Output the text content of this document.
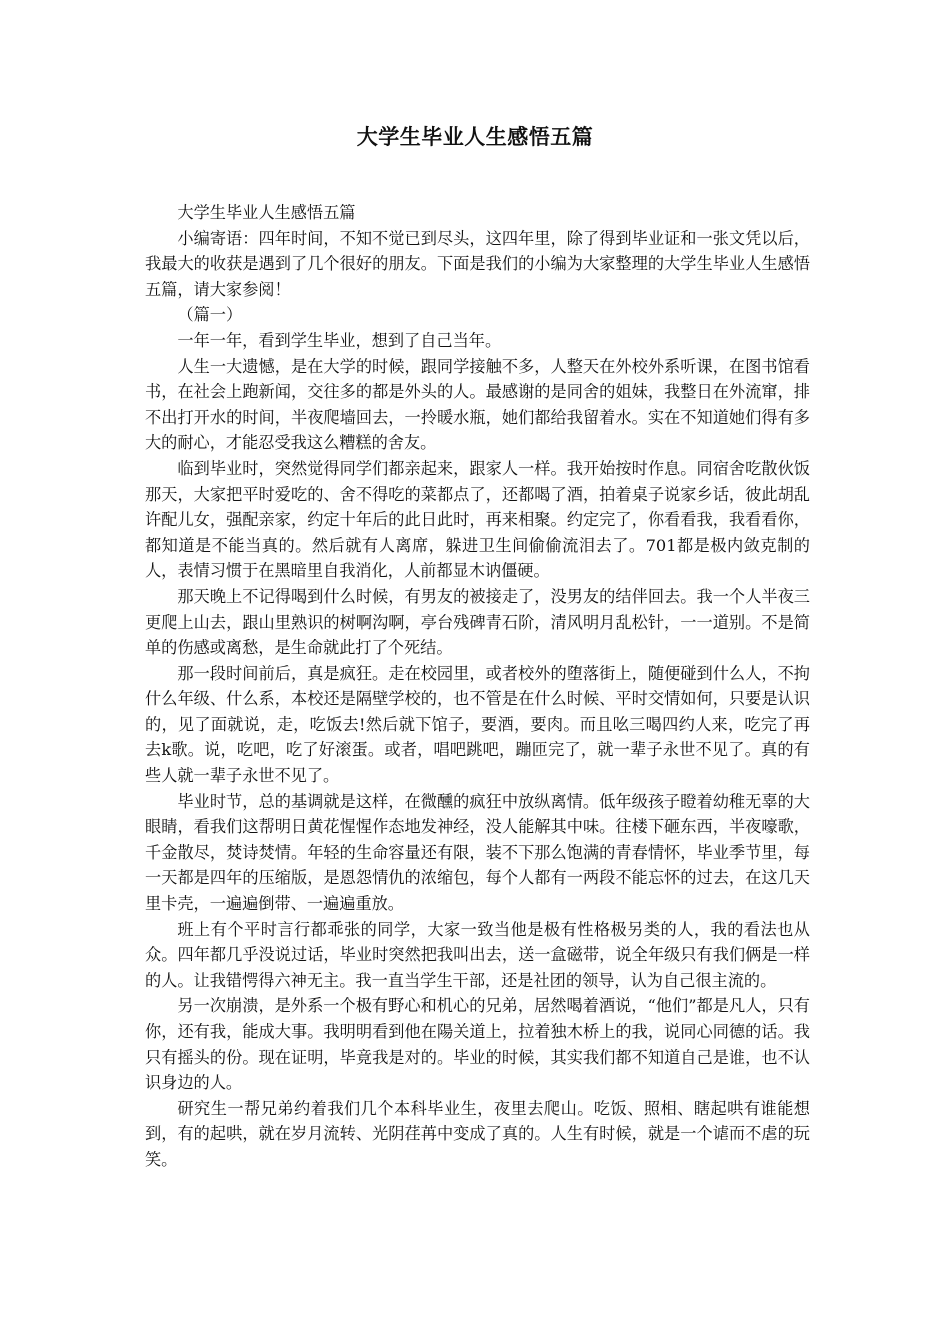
大学生毕业人生感悟五篇

大学生毕业人生感悟五篇

小编寄语：四年时间，不知不觉已到尽头，这四年里，除了得到毕业证和一张文凭以后，我最大的收获是遇到了几个很好的朋友。下面是我们的小编为大家整理的大学生毕业人生感悟五篇，请大家参阅！

（篇一）

一年一年，看到学生毕业，想到了自己当年。

人生一大遗憾，是在大学的时候，跟同学接触不多，人整天在外校外系听课，在图书馆看书，在社会上跑新闻，交往多的都是外头的人。最感谢的是同舍的姐妹，我整日在外流窜，排不出打开水的时间，半夜爬墙回去，一拎暖水瓶，她们都给我留着水。实在不知道她们得有多大的耐心，才能忍受我这么糟糕的舍友。

临到毕业时，突然觉得同学们都亲起来，跟家人一样。我开始按时作息。同宿舍吃散伙饭那天，大家把平时爱吃的、舍不得吃的菜都点了，还都喝了酒，拍着桌子说家乡话，彼此胡乱许配儿女，强配亲家，约定十年后的此日此时，再来相聚。约定完了，你看看我，我看看你，都知道是不能当真的。然后就有人离席，躲进卫生间偷偷流泪去了。701都是极内敛克制的人，表情习惯于在黑暗里自我消化，人前都显木讷僵硬。

那天晚上不记得喝到什么时候，有男友的被接走了，没男友的结伴回去。我一个人半夜三更爬上山去，跟山里熟识的树啊沟啊，亭台残碑青石阶，清风明月乱松针，一一道别。不是简单的伤感或离愁，是生命就此打了个死结。

那一段时间前后，真是疯狂。走在校园里，或者校外的堕落街上，随便碰到什么人，不拘什么年级、什么系，本校还是隔壁学校的，也不管是在什么时候、平时交情如何，只要是认识的，见了面就说，走，吃饭去!然后就下馆子，要酒，要肉。而且吆三喝四约人来，吃完了再去k歌。说，吃吧，吃了好滚蛋。或者，唱吧跳吧，蹦匝完了，就一辈子永世不见了。真的有些人就一辈子永世不见了。

毕业时节，总的基调就是这样，在微醺的疯狂中放纵离情。低年级孩子瞪着幼稚无辜的大眼睛，看我们这帮明日黄花惺惺作态地发神经，没人能解其中味。往楼下砸东西，半夜嚎歌，千金散尽，焚诗焚情。年轻的生命容量还有限，装不下那么饱满的青春情怀，毕业季节里，每一天都是四年的压缩版，是恩怨情仇的浓缩包，每个人都有一两段不能忘怀的过去，在这几天里卡壳，一遍遍倒带、一遍遍重放。

班上有个平时言行都乖张的同学，大家一致当他是极有性格极另类的人，我的看法也从众。四年都几乎没说过话，毕业时突然把我叫出去，送一盒磁带，说全年级只有我们俩是一样的人。让我错愕得六神无主。我一直当学生干部，还是社团的领导，认为自己很主流的。

另一次崩溃，是外系一个极有野心和机心的兄弟，居然喝着酒说，“他们”都是凡人，只有你，还有我，能成大事。我明明看到他在陽关道上，拉着独木桥上的我，说同心同德的话。我只有摇头的份。现在证明，毕竟我是对的。毕业的时候，其实我们都不知道自己是谁，也不认识身边的人。

研究生一帮兄弟约着我们几个本科毕业生，夜里去爬山。吃饭、照相、瞎起哄有谁能想到，有的起哄，就在岁月流转、光阴荏苒中变成了真的。人生有时候，就是一个谑而不虐的玩笑。
